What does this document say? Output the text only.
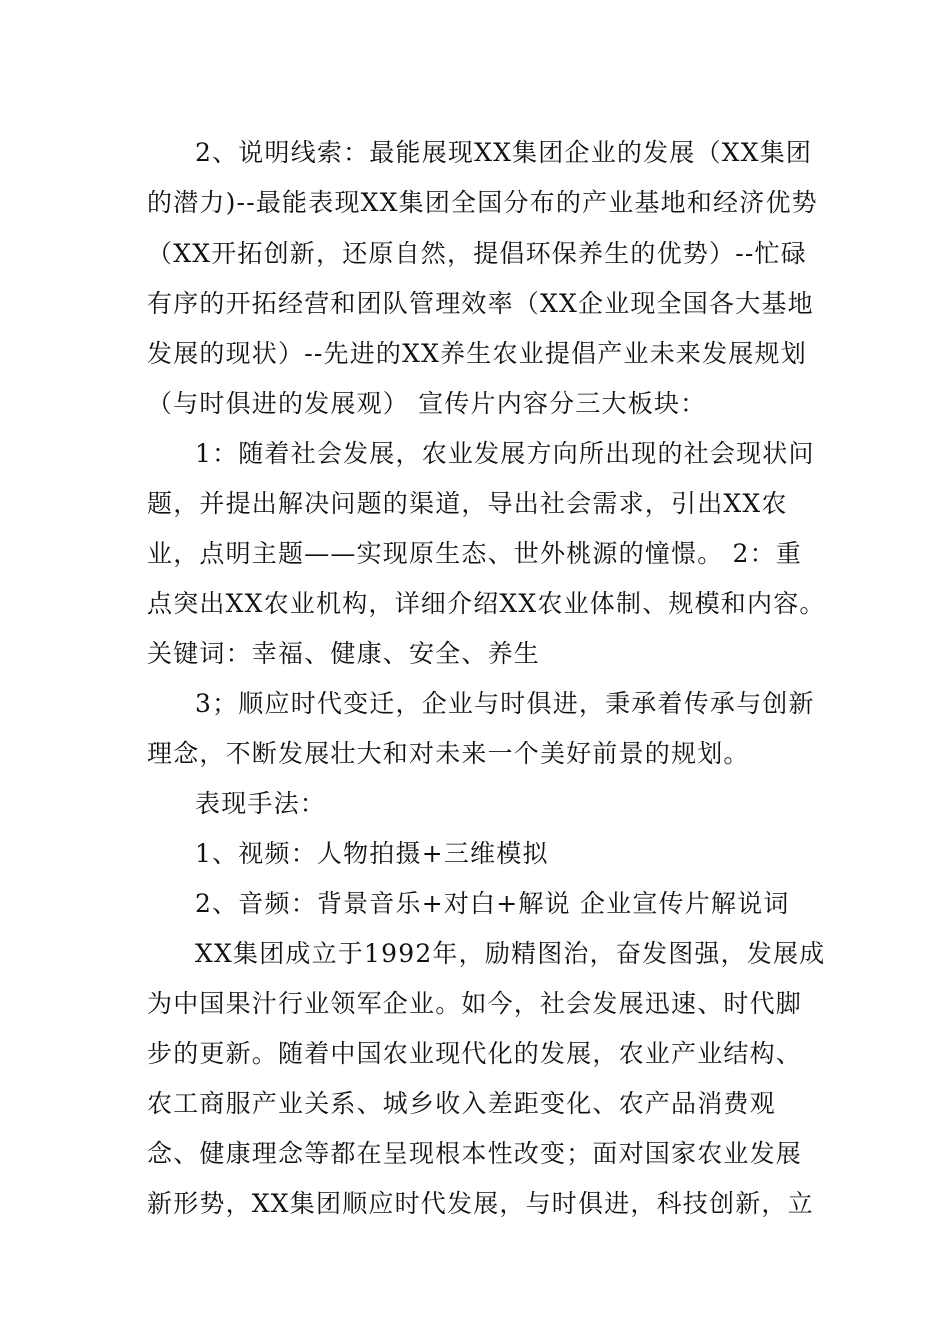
2、说明线索：最能展现XX集团企业的发展（XX集团

的潜力)--最能表现XX集团全国分布的产业基地和经济优势

（XX开拓创新，还原自然，提倡环保养生的优势）--忙碌

有序的开拓经营和团队管理效率（XX企业现全国各大基地

发展的现状）--先进的XX养生农业提倡产业未来发展规划

（与时俱进的发展观） 宣传片内容分三大板块：

1：随着社会发展，农业发展方向所出现的社会现状问

题，并提出解决问题的渠道，导出社会需求，引出XX农

业，点明主题——实现原生态、世外桃源的憧憬。 2：重

点突出XX农业机构，详细介绍XX农业体制、规模和内容。

关键词：幸福、健康、安全、养生

3；顺应时代变迁，企业与时俱进，秉承着传承与创新

理念，不断发展壮大和对未来一个美好前景的规划。

表现手法：

1、视频：人物拍摄+三维模拟

2、音频：背景音乐+对白+解说 企业宣传片解说词

XX集团成立于1992年，励精图治，奋发图强，发展成

为中国果汁行业领军企业。如今，社会发展迅速、时代脚

步的更新。随着中国农业现代化的发展，农业产业结构、

农工商服产业关系、城乡收入差距变化、农产品消费观

念、健康理念等都在呈现根本性改变；面对国家农业发展

新形势，XX集团顺应时代发展，与时俱进，科技创新，立
